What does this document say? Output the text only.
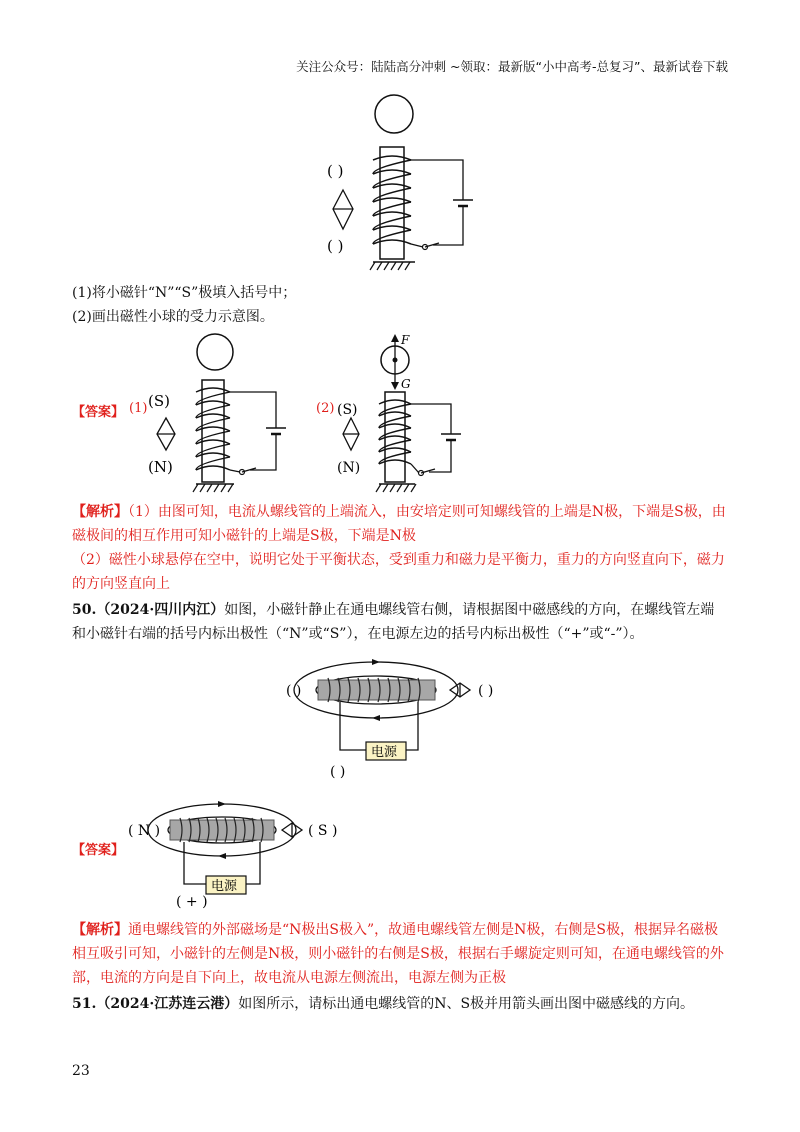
关注公众号：陆陆高分冲刺 ~领取：最新版“小中高考-总复习”、最新试卷下载
( )
( )
(1)将小磁针“N”“S”极填入括号中；
(2)画出磁性小球的受力示意图。
【答案】 (1) (S)
(N)
(2)
F
G
(S)
(N)
【解析】（1）由图可知，电流从螺线管的上端流入，由安培定则可知螺线管的上端是N极，下端是S极，由磁极间的相互作用可知小磁针的上端是S极，下端是N极
（2）磁性小球悬停在空中，说明它处于平衡状态，受到重力和磁力是平衡力，重力的方向竖直向下，磁力的方向竖直向上
50.（2024·四川内江）如图，小磁针静止在通电螺线管右侧，请根据图中磁感线的方向，在螺线管左端和小磁针右端的括号内标出极性（“N”或“S”），在电源左边的括号内标出极性（“+”或“-”）。
电源
( )	( )
( )
【答案】
电源
( N )	( S )
( + )
【解析】通电螺线管的外部磁场是“N极出S极入”，故通电螺线管左侧是N极，右侧是S极，根据异名磁极相互吸引可知，小磁针的左侧是N极，则小磁针的右侧是S极，根据右手螺旋定则可知，在通电螺线管的外部，电流的方向是自下向上，故电流从电源左侧流出，电源左侧为正极
51.（2024·江苏连云港）如图所示，请标出通电螺线管的N、S极并用箭头画出图中磁感线的方向。
23
